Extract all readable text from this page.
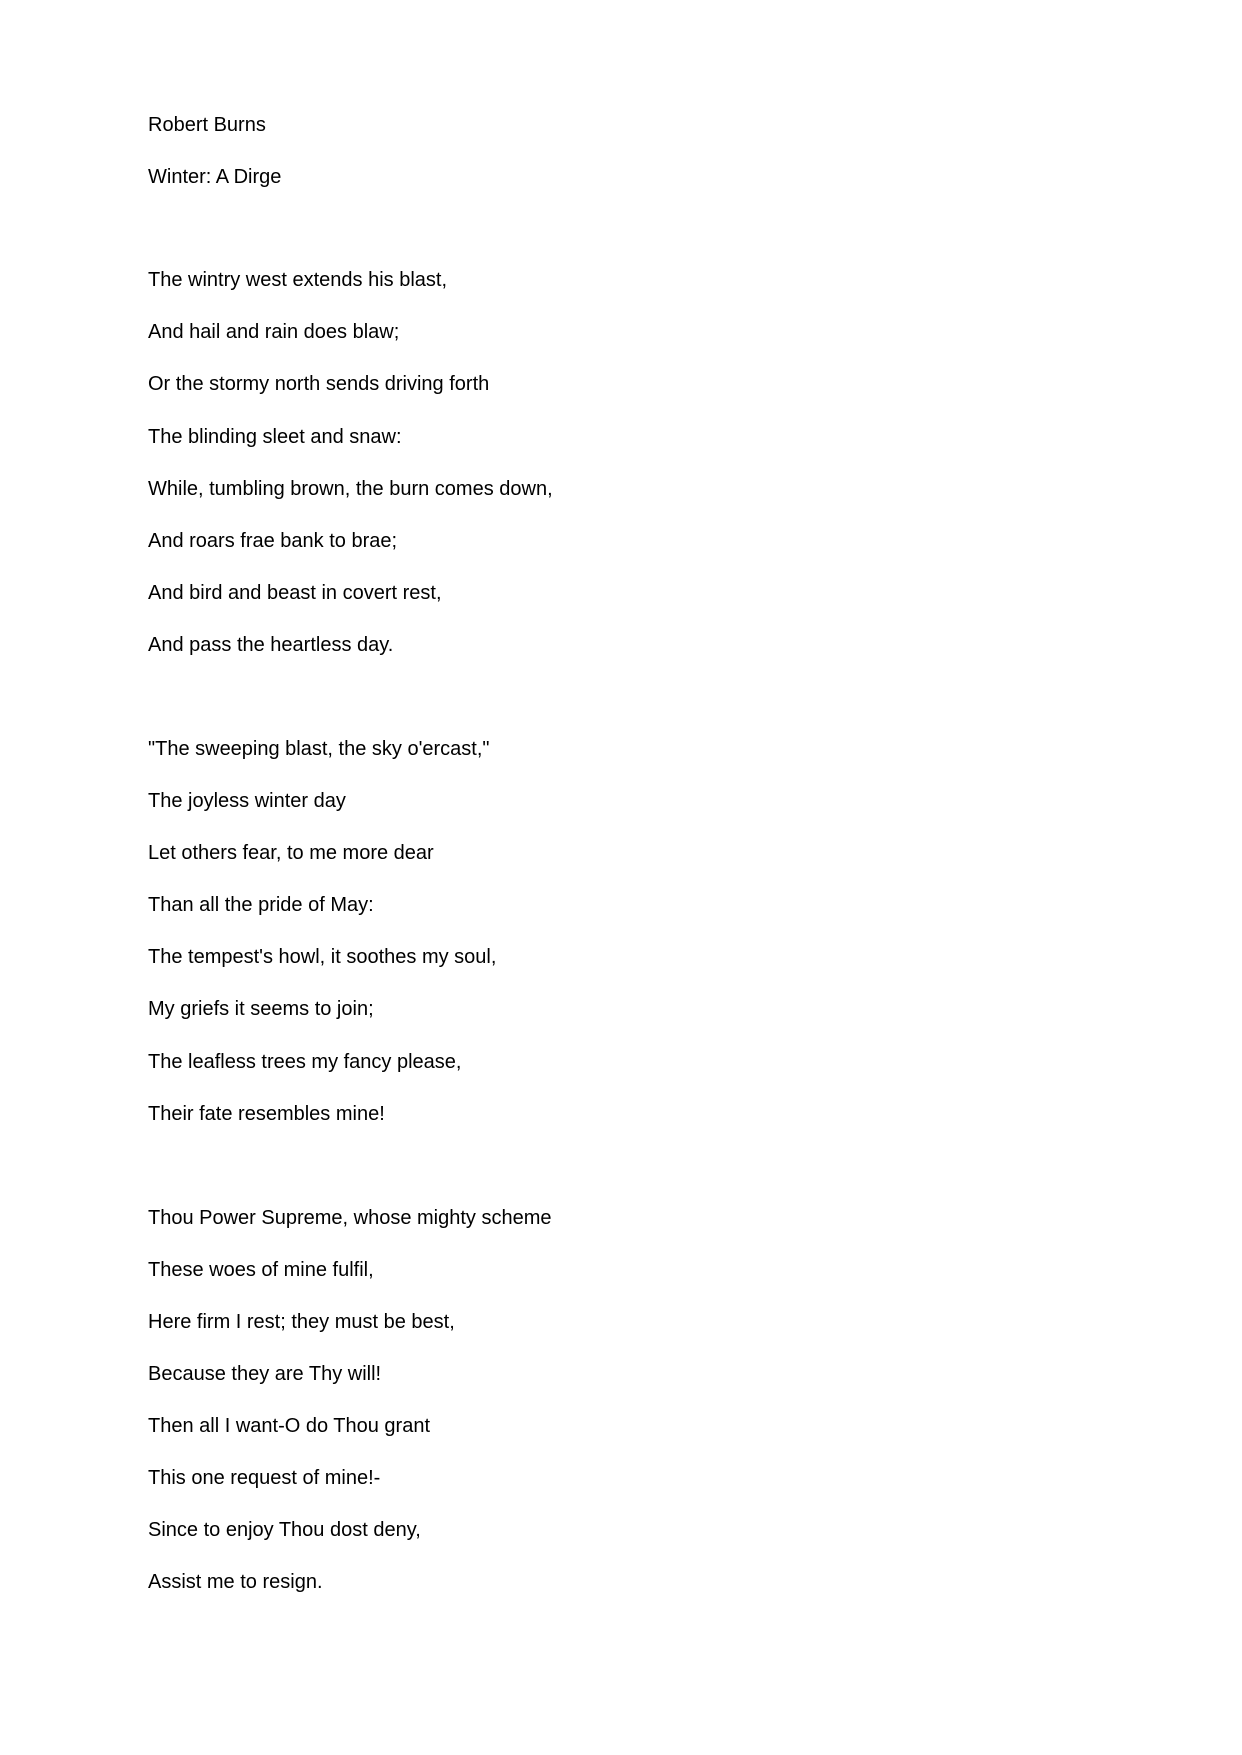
Robert Burns

Winter: A Dirge

The wintry west extends his blast,

And hail and rain does blaw;

Or the stormy north sends driving forth

The blinding sleet and snaw:

While, tumbling brown, the burn comes down,

And roars frae bank to brae;

And bird and beast in covert rest,

And pass the heartless day.

"The sweeping blast, the sky o'ercast,"

The joyless winter day

Let others fear, to me more dear

Than all the pride of May:

The tempest's howl, it soothes my soul,

My griefs it seems to join;

The leafless trees my fancy please,

Their fate resembles mine!

Thou Power Supreme, whose mighty scheme

These woes of mine fulfil,

Here firm I rest; they must be best,

Because they are Thy will!

Then all I want-O do Thou grant

This one request of mine!-

Since to enjoy Thou dost deny,

Assist me to resign.
